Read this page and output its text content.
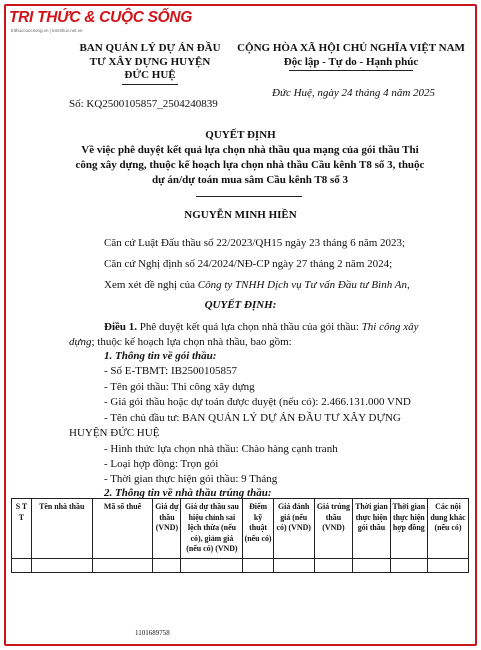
TRI THỨC & CUỘC SỐNG
trithuccuocsong.vn | kienthuc.net.vn
BAN QUẢN LÝ DỰ ÁN ĐẦU
TƯ XÂY DỰNG HUYỆN
ĐỨC HUỆ
CỘNG HÒA XÃ HỘI CHỦ NGHĨA VIỆT NAM
Độc lập - Tự do - Hạnh phúc
Đức Huệ, ngày 24 tháng 4 năm 2025
Số: KQ2500105857_2504240839
QUYẾT ĐỊNH
Về việc phê duyệt kết quả lựa chọn nhà thầu qua mạng của gói thầu Thi
công xây dựng, thuộc kế hoạch lựa chọn nhà thầu Cầu kênh T8 số 3, thuộc
dự án/dự toán mua sắm Cầu kênh T8 số 3
NGUYỄN MINH HIỀN
Căn cứ Luật Đấu thầu số 22/2023/QH15 ngày 23 tháng 6 năm 2023;
Căn cứ Nghị định số 24/2024/NĐ-CP ngày 27 tháng 2 năm 2024;
Xem xét đề nghị của Công ty TNHH Dịch vụ Tư vấn Đầu tư Bình An,
QUYẾT ĐỊNH:
Điều 1. Phê duyệt kết quả lựa chọn nhà thầu của gói thầu: Thi công xây
dựng; thuộc kế hoạch lựa chọn nhà thầu, bao gồm:
1. Thông tin về gói thầu:
- Số E-TBMT: IB2500105857
- Tên gói thầu: Thi công xây dựng
- Giá gói thầu hoặc dự toán được duyệt (nếu có): 2.466.131.000 VND
- Tên chủ đầu tư: BAN QUẢN LÝ DỰ ÁN ĐẦU TƯ XÂY DỰNG
HUYỆN ĐỨC HUỆ
- Hình thức lựa chọn nhà thầu: Chào hàng cạnh tranh
- Loại hợp đồng: Trọn gói
- Thời gian thực hiện gói thầu: 9 Tháng
2. Thông tin về nhà thầu trúng thầu:
S T T	Tên nhà thầu	Mã số thuế	Giá dự thầu (VND)	Giá dự thầu sau hiệu chỉnh sai lệch thừa (nếu có), giảm giá (nếu có) (VND)	Điểm kỹ thuật (nếu có)	Giá đánh giá (nếu có) (VND)	Giá trúng thầu (VND)	Thời gian thực hiện gói thầu	Thời gian thực hiện hợp đồng	Các nội dung khác (nếu có)

1101689758
